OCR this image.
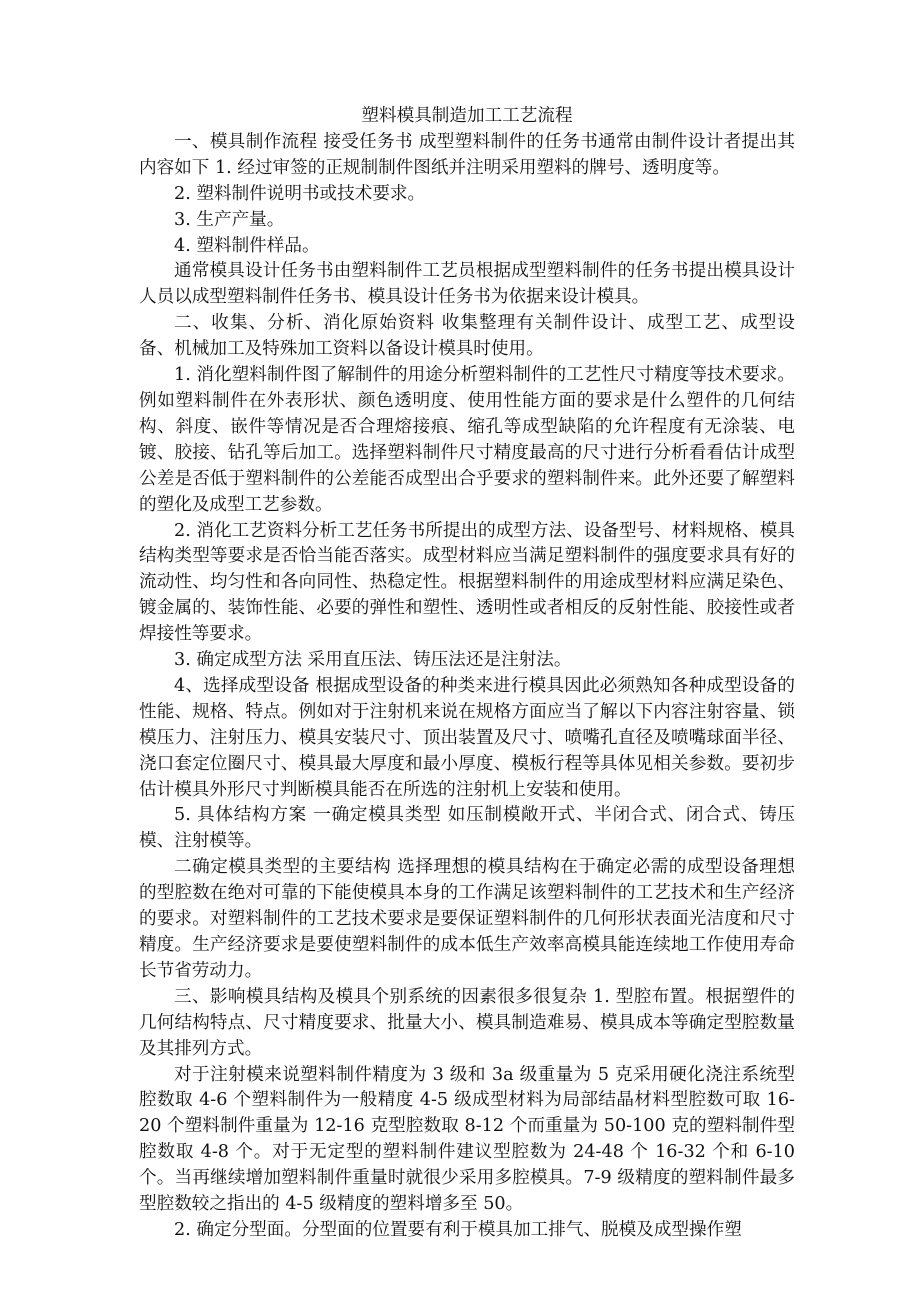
塑料模具制造加工工艺流程

一、模具制作流程 接受任务书 成型塑料制件的任务书通常由制件设计者提出其内容如下 1. 经过审签的正规制制件图纸并注明采用塑料的牌号、透明度等。

2. 塑料制件说明书或技术要求。

3. 生产产量。

4. 塑料制件样品。

通常模具设计任务书由塑料制件工艺员根据成型塑料制件的任务书提出模具设计人员以成型塑料制件任务书、模具设计任务书为依据来设计模具。

二、收集、分析、消化原始资料 收集整理有关制件设计、成型工艺、成型设备、机械加工及特殊加工资料以备设计模具时使用。

1. 消化塑料制件图了解制件的用途分析塑料制件的工艺性尺寸精度等技术要求。例如塑料制件在外表形状、颜色透明度、使用性能方面的要求是什么塑件的几何结构、斜度、嵌件等情况是否合理熔接痕、缩孔等成型缺陷的允许程度有无涂装、电镀、胶接、钻孔等后加工。选择塑料制件尺寸精度最高的尺寸进行分析看看估计成型公差是否低于塑料制件的公差能否成型出合乎要求的塑料制件来。此外还要了解塑料的塑化及成型工艺参数。

2. 消化工艺资料分析工艺任务书所提出的成型方法、设备型号、材料规格、模具结构类型等要求是否恰当能否落实。成型材料应当满足塑料制件的强度要求具有好的流动性、均匀性和各向同性、热稳定性。根据塑料制件的用途成型材料应满足染色、镀金属的、装饰性能、必要的弹性和塑性、透明性或者相反的反射性能、胶接性或者焊接性等要求。

3. 确定成型方法 采用直压法、铸压法还是注射法。

4、选择成型设备 根据成型设备的种类来进行模具因此必须熟知各种成型设备的性能、规格、特点。例如对于注射机来说在规格方面应当了解以下内容注射容量、锁模压力、注射压力、模具安装尺寸、顶出装置及尺寸、喷嘴孔直径及喷嘴球面半径、浇口套定位圈尺寸、模具最大厚度和最小厚度、模板行程等具体见相关参数。要初步估计模具外形尺寸判断模具能否在所选的注射机上安装和使用。

5. 具体结构方案 一确定模具类型 如压制模敞开式、半闭合式、闭合式、铸压模、注射模等。

二确定模具类型的主要结构 选择理想的模具结构在于确定必需的成型设备理想的型腔数在绝对可靠的下能使模具本身的工作满足该塑料制件的工艺技术和生产经济的要求。对塑料制件的工艺技术要求是要保证塑料制件的几何形状表面光洁度和尺寸精度。生产经济要求是要使塑料制件的成本低生产效率高模具能连续地工作使用寿命长节省劳动力。

三、影响模具结构及模具个别系统的因素很多很复杂 1. 型腔布置。根据塑件的几何结构特点、尺寸精度要求、批量大小、模具制造难易、模具成本等确定型腔数量及其排列方式。

对于注射模来说塑料制件精度为 3 级和 3a 级重量为 5 克采用硬化浇注系统型腔数取 4-6 个塑料制件为一般精度 4-5 级成型材料为局部结晶材料型腔数可取 16-20 个塑料制件重量为 12-16 克型腔数取 8-12 个而重量为 50-100 克的塑料制件型腔数取 4-8 个。对于无定型的塑料制件建议型腔数为 24-48 个 16-32 个和 6-10 个。当再继续增加塑料制件重量时就很少采用多腔模具。7-9 级精度的塑料制件最多型腔数较之指出的 4-5 级精度的塑料增多至 50。

2. 确定分型面。分型面的位置要有利于模具加工排气、脱模及成型操作塑
